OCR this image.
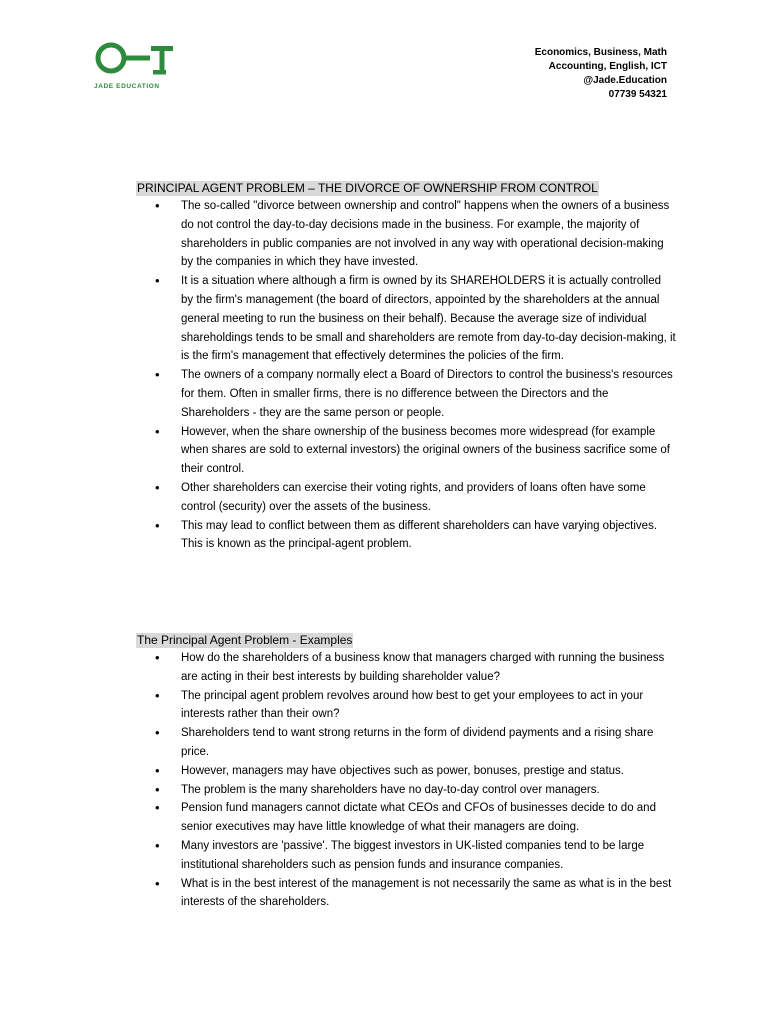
JADE EDUCATION
Economics, Business, Math
Accounting, English, ICT
@Jade.Education
07739 54321
PRINCIPAL AGENT PROBLEM – THE DIVORCE OF OWNERSHIP FROM CONTROL
• The so-called "divorce between ownership and control" happens when the owners of a business do not control the day-to-day decisions made in the business. For example, the majority of shareholders in public companies are not involved in any way with operational decision-making by the companies in which they have invested.
• It is a situation where although a firm is owned by its SHAREHOLDERS it is actually controlled by the firm's management (the board of directors, appointed by the shareholders at the annual general meeting to run the business on their behalf). Because the average size of individual shareholdings tends to be small and shareholders are remote from day-to-day decision-making, it is the firm's management that effectively determines the policies of the firm.
• The owners of a company normally elect a Board of Directors to control the business's resources for them. Often in smaller firms, there is no difference between the Directors and the Shareholders - they are the same person or people.
• However, when the share ownership of the business becomes more widespread (for example when shares are sold to external investors) the original owners of the business sacrifice some of their control.
• Other shareholders can exercise their voting rights, and providers of loans often have some control (security) over the assets of the business.
• This may lead to conflict between them as different shareholders can have varying objectives. This is known as the principal-agent problem.
The Principal Agent Problem - Examples
• How do the shareholders of a business know that managers charged with running the business are acting in their best interests by building shareholder value?
• The principal agent problem revolves around how best to get your employees to act in your interests rather than their own?
• Shareholders tend to want strong returns in the form of dividend payments and a rising share price.
• However, managers may have objectives such as power, bonuses, prestige and status.
• The problem is the many shareholders have no day-to-day control over managers.
• Pension fund managers cannot dictate what CEOs and CFOs of businesses decide to do and senior executives may have little knowledge of what their managers are doing.
• Many investors are 'passive'. The biggest investors in UK-listed companies tend to be large institutional shareholders such as pension funds and insurance companies.
• What is in the best interest of the management is not necessarily the same as what is in the best interests of the shareholders.
